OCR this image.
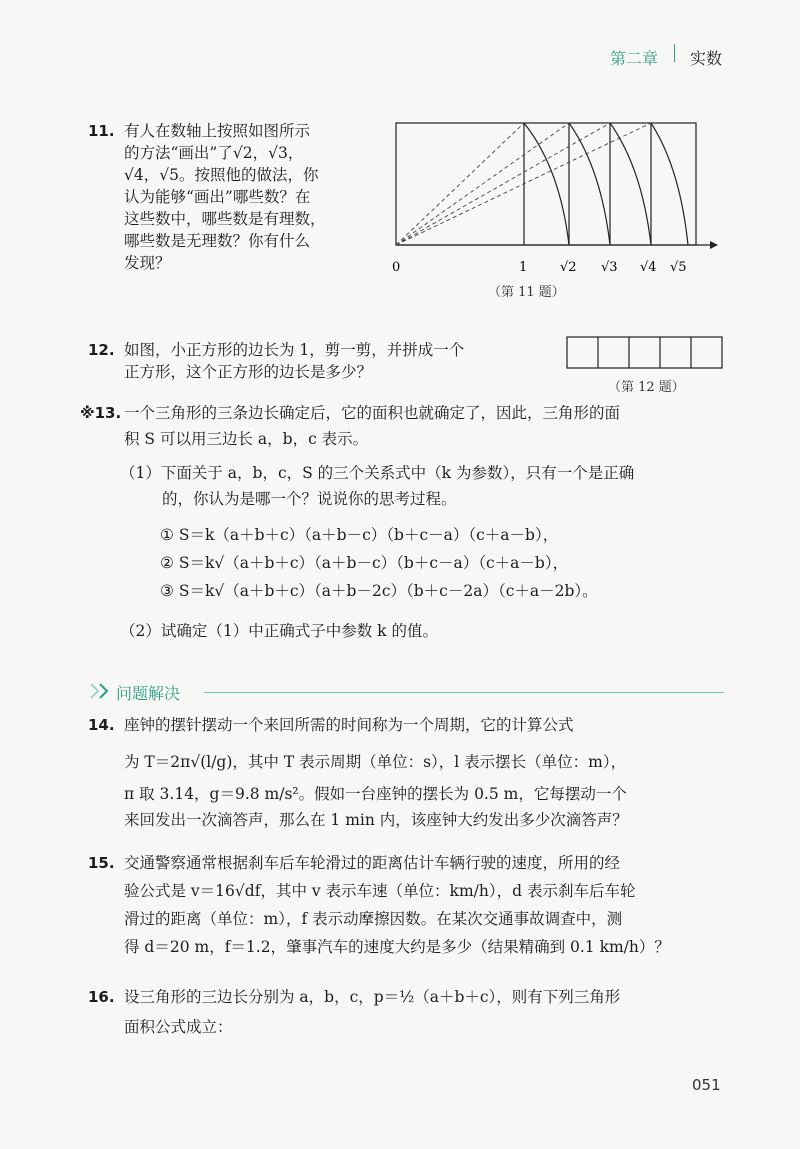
第二章 实数
11. 有人在数轴上按照如图所示
的方法“画出”了√2，√3，
√4，√5。按照他的做法，你
认为能够“画出”哪些数？在
这些数中，哪些数是有理数，
哪些数是无理数？你有什么
发现？	0	1	√2 √3 √4 √5
（第 11 题）
12. 如图，小正方形的边长为 1，剪一剪，并拼成一个
正方形，这个正方形的边长是多少？
（第 12 题）
※13. 一个三角形的三条边长确定后，它的面积也就确定了，因此，三角形的面
积 S 可以用三边长 a，b，c 表示。
（1）下面关于 a，b，c，S 的三个关系式中（k 为参数），只有一个是正确
的，你认为是哪一个？说说你的思考过程。
① S＝k（a＋b＋c）（a＋b－c）（b＋c－a）（c＋a－b），
② S＝k√（a＋b＋c）（a＋b－c）（b＋c－a）（c＋a－b），
③ S＝k√（a＋b＋c）（a＋b－2c）（b＋c－2a）（c＋a－2b）。
（2）试确定（1）中正确式子中参数 k 的值。
问题解决
14. 座钟的摆针摆动一个来回所需的时间称为一个周期，它的计算公式
为 T＝2π√(l/g)，其中 T 表示周期（单位：s），l 表示摆长（单位：m），
π 取 3.14，g＝9.8 m/s²。假如一台座钟的摆长为 0.5 m，它每摆动一个
来回发出一次滴答声，那么在 1 min 内，该座钟大约发出多少次滴答声？
15. 交通警察通常根据刹车后车轮滑过的距离估计车辆行驶的速度，所用的经
验公式是 v＝16√df，其中 v 表示车速（单位：km/h），d 表示刹车后车轮
滑过的距离（单位：m），f 表示动摩擦因数。在某次交通事故调查中，测
得 d＝20 m，f＝1.2，肇事汽车的速度大约是多少（结果精确到 0.1 km/h）？
16. 设三角形的三边长分别为 a，b，c，p＝½（a＋b＋c），则有下列三角形
面积公式成立：
051
